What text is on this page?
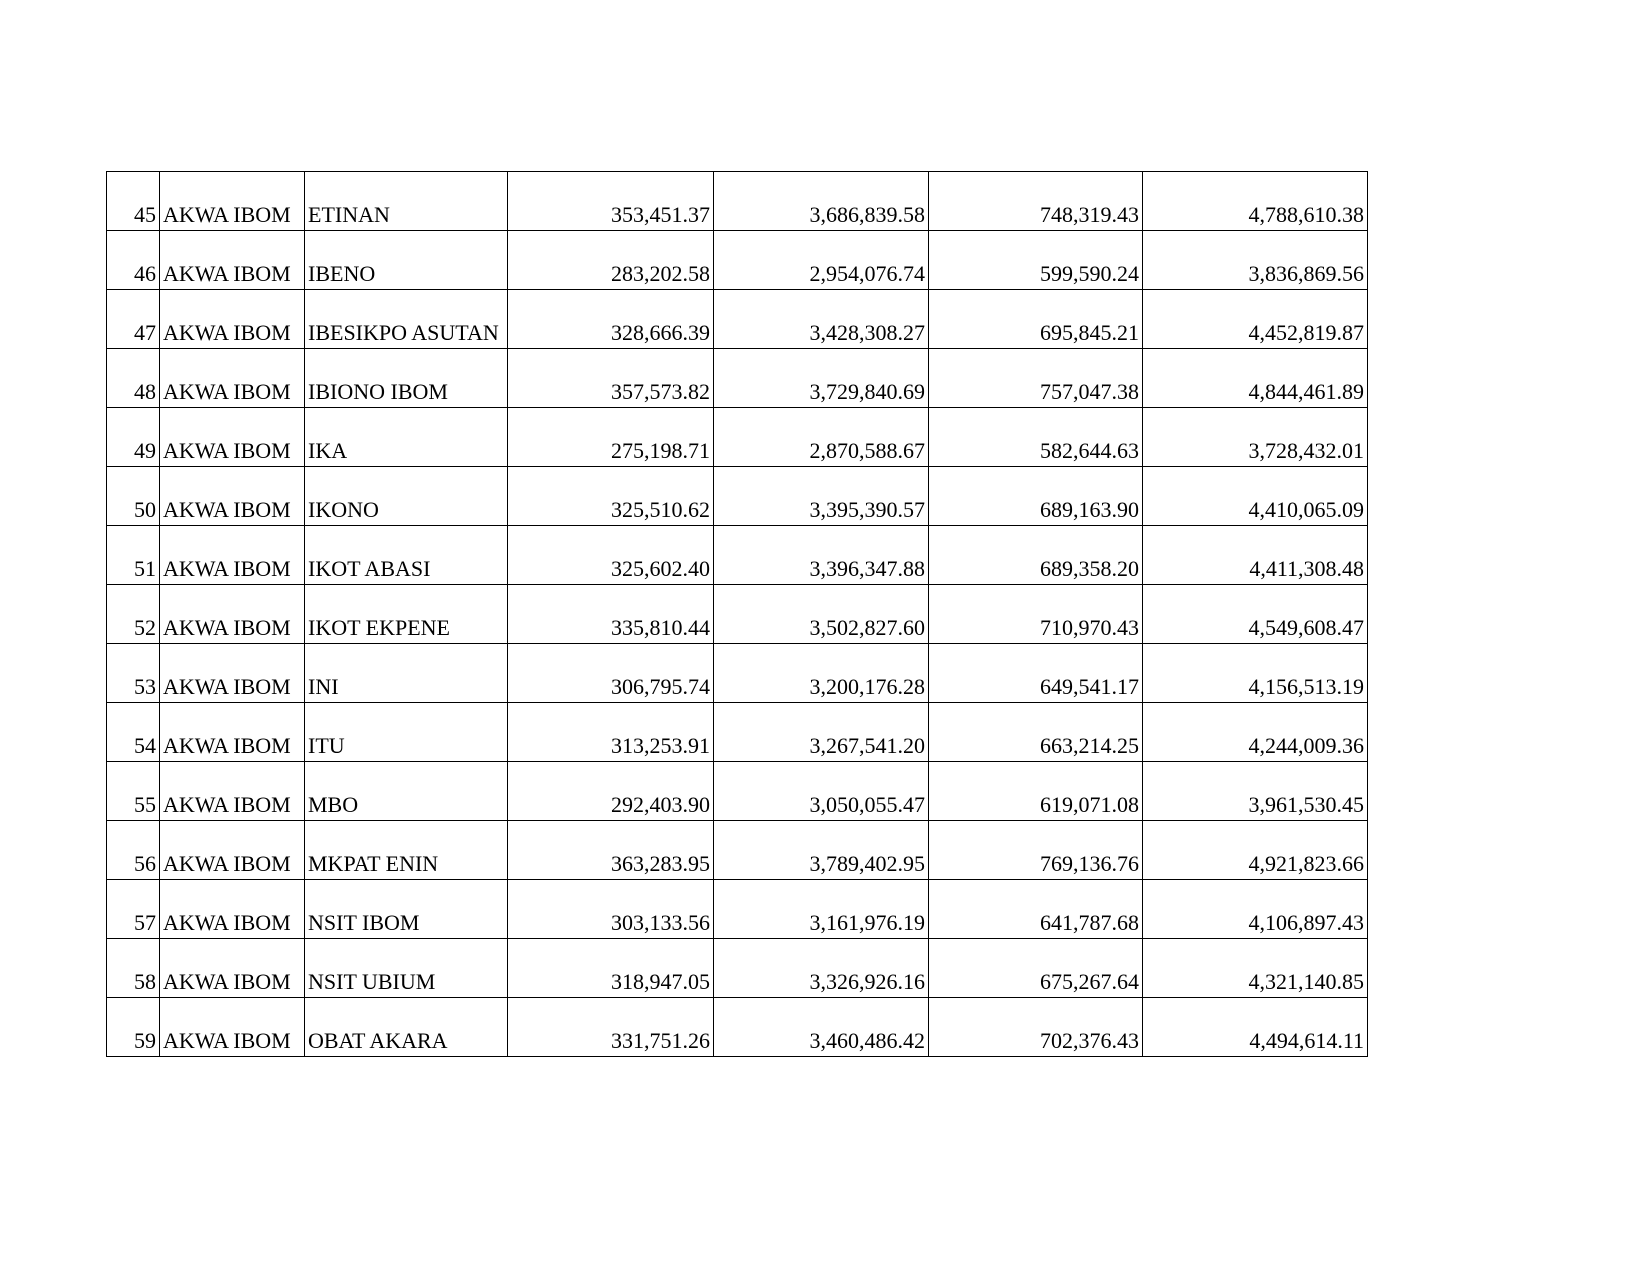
45	AKWA IBOM	ETINAN	353,451.37	3,686,839.58	748,319.43	4,788,610.38
46	AKWA IBOM	IBENO	283,202.58	2,954,076.74	599,590.24	3,836,869.56
47	AKWA IBOM	IBESIKPO ASUTAN	328,666.39	3,428,308.27	695,845.21	4,452,819.87
48	AKWA IBOM	IBIONO IBOM	357,573.82	3,729,840.69	757,047.38	4,844,461.89
49	AKWA IBOM	IKA	275,198.71	2,870,588.67	582,644.63	3,728,432.01
50	AKWA IBOM	IKONO	325,510.62	3,395,390.57	689,163.90	4,410,065.09
51	AKWA IBOM	IKOT ABASI	325,602.40	3,396,347.88	689,358.20	4,411,308.48
52	AKWA IBOM	IKOT EKPENE	335,810.44	3,502,827.60	710,970.43	4,549,608.47
53	AKWA IBOM	INI	306,795.74	3,200,176.28	649,541.17	4,156,513.19
54	AKWA IBOM	ITU	313,253.91	3,267,541.20	663,214.25	4,244,009.36
55	AKWA IBOM	MBO	292,403.90	3,050,055.47	619,071.08	3,961,530.45
56	AKWA IBOM	MKPAT ENIN	363,283.95	3,789,402.95	769,136.76	4,921,823.66
57	AKWA IBOM	NSIT IBOM	303,133.56	3,161,976.19	641,787.68	4,106,897.43
58	AKWA IBOM	NSIT UBIUM	318,947.05	3,326,926.16	675,267.64	4,321,140.85
59	AKWA IBOM	OBAT AKARA	331,751.26	3,460,486.42	702,376.43	4,494,614.11
